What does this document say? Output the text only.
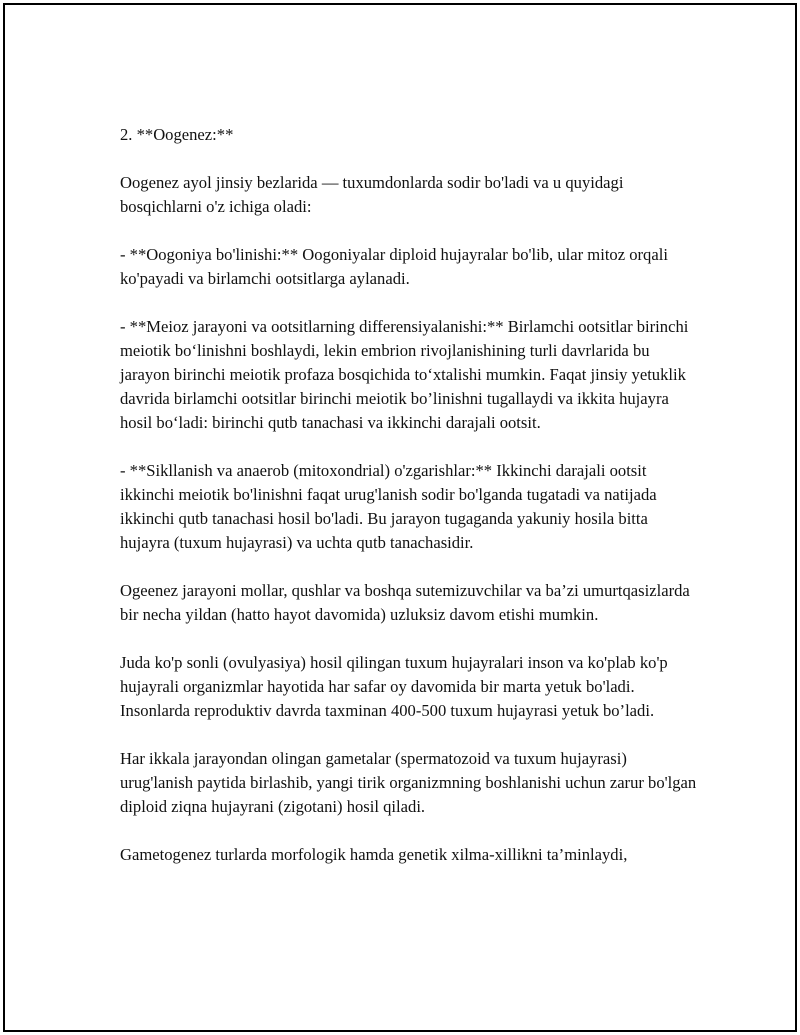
2. **Oogenez:**

Oogenez ayol jinsiy bezlarida — tuxumdonlarda sodir bo'ladi va u quyidagi bosqichlarni o'z ichiga oladi:

- **Oogoniya bo'linishi:** Oogoniyalar diploid hujayralar bo'lib, ular mitoz orqali ko'payadi va birlamchi ootsitlarga aylanadi.

- **Meioz jarayoni va ootsitlarning differensiyalanishi:** Birlamchi ootsitlar birinchi meiotik bo‘linishni boshlaydi, lekin embrion rivojlanishining turli davrlarida bu jarayon birinchi meiotik profaza bosqichida to‘xtalishi mumkin. Faqat jinsiy yetuklik davrida birlamchi ootsitlar birinchi meiotik bo’linishni tugallaydi va ikkita hujayra hosil bo‘ladi: birinchi qutb tanachasi va ikkinchi darajali ootsit.

- **Sikllanish va anaerob (mitoxondrial) o'zgarishlar:** Ikkinchi darajali ootsit ikkinchi meiotik bo'linishni faqat urug'lanish sodir bo'lganda tugatadi va natijada ikkinchi qutb tanachasi hosil bo'ladi. Bu jarayon tugaganda yakuniy hosila bitta hujayra (tuxum hujayrasi) va uchta qutb tanachasidir.

Ogeenez jarayoni mollar, qushlar va boshqa sutemizuvchilar va ba’zi umurtqasizlarda bir necha yildan (hatto hayot davomida) uzluksiz davom etishi mumkin.

Juda ko'p sonli (ovulyasiya) hosil qilingan tuxum hujayralari inson va ko'plab ko'p hujayrali organizmlar hayotida har safar oy davomida bir marta yetuk bo'ladi. Insonlarda reproduktiv davrda taxminan 400-500 tuxum hujayrasi yetuk bo’ladi.

Har ikkala jarayondan olingan gametalar (spermatozoid va tuxum hujayrasi) urug'lanish paytida birlashib, yangi tirik organizmning boshlanishi uchun zarur bo'lgan diploid ziqna hujayrani (zigotani) hosil qiladi.

Gametogenez turlarda morfologik hamda genetik xilma-xillikni ta’minlaydi,
